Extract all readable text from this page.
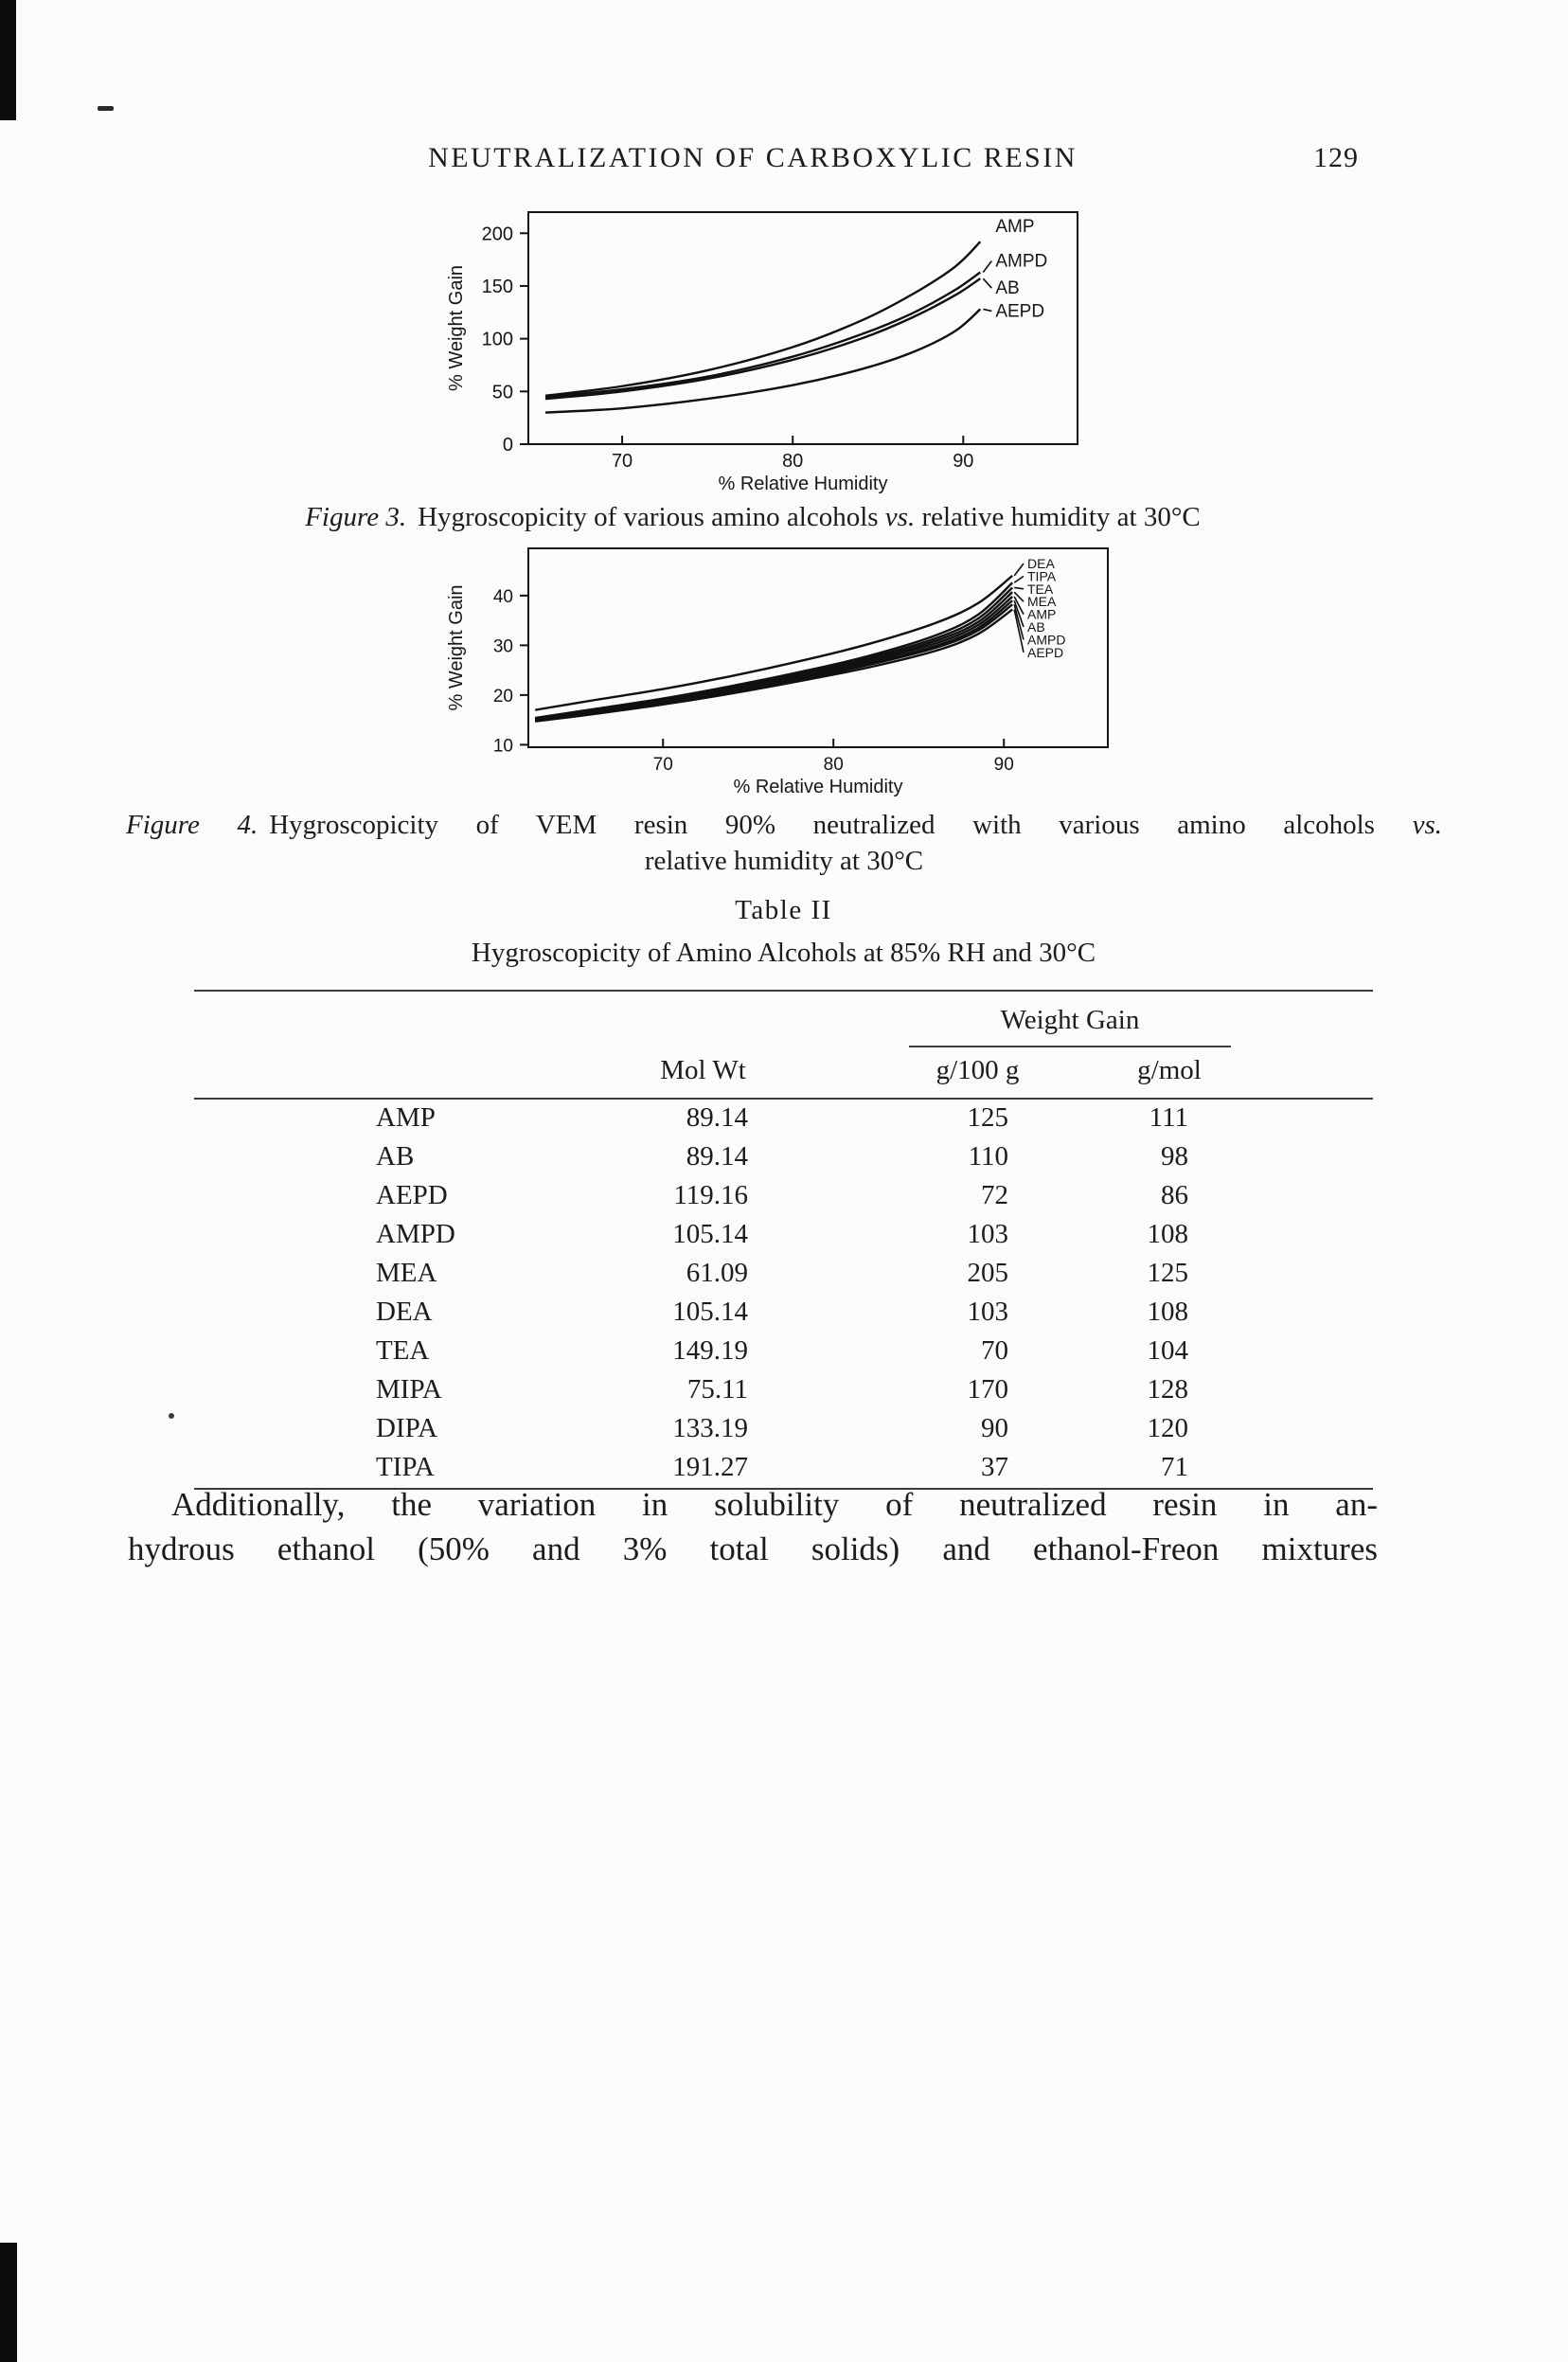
NEUTRALIZATION OF CARBOXYLIC RESIN	129
0
50
100
150
200
70	80	90
% Relative Humidity
% Weight Gain
AMP
AMPD
AB
AEPD
Figure 3. Hygroscopicity of various amino alcohols vs. relative humidity at 30°C
10
20
30
40
70	80	90
% Relative Humidity
% Weight Gain
DEA
TIPA
TEA
MEA
AMP
AB
AMPD
AEPD
Figure 4. Hygroscopicity of VEM resin 90% neutralized with various amino alcohols vs.
relative humidity at 30°C
Table II
Hygroscopicity of Amino Alcohols at 85% RH and 30°C

		Weight Gain	

	Mol Wt	g/100 g	g/mol
AMP	89.14	125	111
AB	89.14	110	98
AEPD	119.16	72	86
AMPD	105.14	103	108
MEA	61.09	205	125
DEA	105.14	103	108
TEA	149.19	70	104
MIPA	75.11	170	128
DIPA	133.19	90	120
TIPA	191.27	37	71

Additionally, the variation in solubility of neutralized resin in an-
hydrous ethanol (50% and 3% total solids) and ethanol-Freon mixtures
